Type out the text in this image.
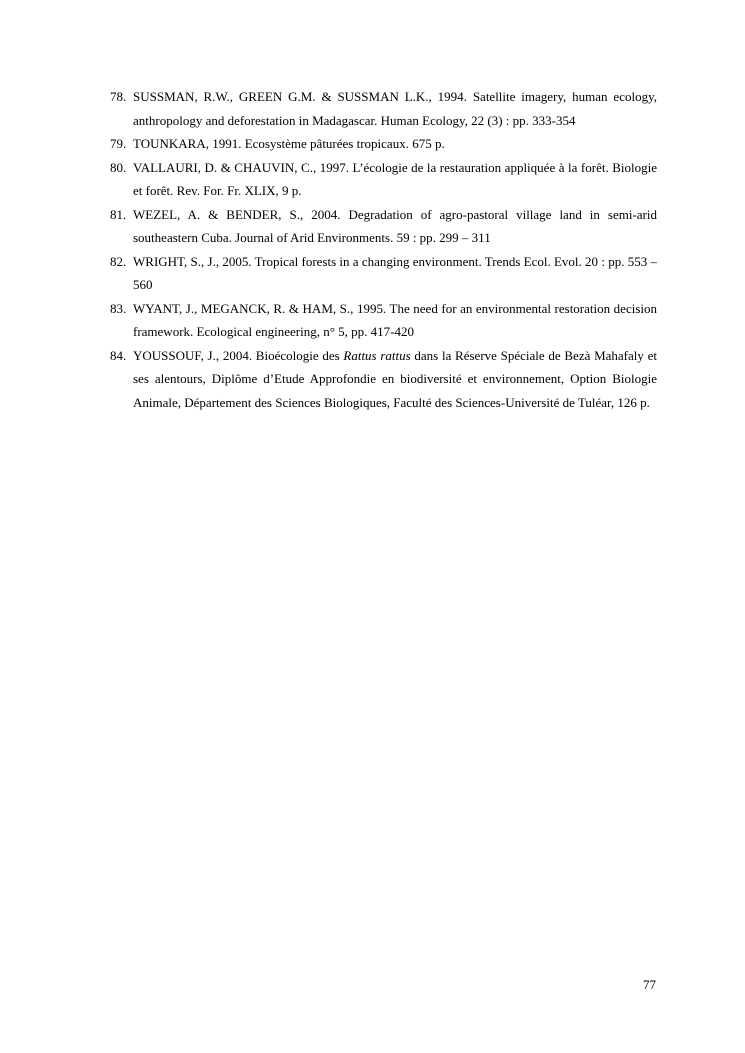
78. SUSSMAN, R.W., GREEN G.M. & SUSSMAN L.K., 1994. Satellite imagery, human ecology, anthropology and deforestation in Madagascar. Human Ecology, 22 (3) : pp. 333-354
79. TOUNKARA, 1991. Ecosystème pâturées tropicaux. 675 p.
80. VALLAURI, D. & CHAUVIN, C., 1997. L’écologie de la restauration appliquée à la forêt. Biologie et forêt. Rev. For. Fr. XLIX, 9 p.
81. WEZEL, A. & BENDER, S., 2004. Degradation of agro-pastoral village land in semi-arid southeastern Cuba. Journal of Arid Environments. 59 : pp. 299 – 311
82. WRIGHT, S., J., 2005. Tropical forests in a changing environment. Trends Ecol. Evol. 20 : pp. 553 – 560
83. WYANT, J., MEGANCK, R. & HAM, S., 1995. The need for an environmental restoration decision framework. Ecological engineering, n° 5, pp. 417-420
84. YOUSSOUF, J., 2004. Bioécologie des Rattus rattus dans la Réserve Spéciale de Bezà Mahafaly et ses alentours, Diplôme d’Etude Approfondie en biodiversité et environnement, Option Biologie Animale, Département des Sciences Biologiques, Faculté des Sciences-Université de Tuléar, 126 p.
77
